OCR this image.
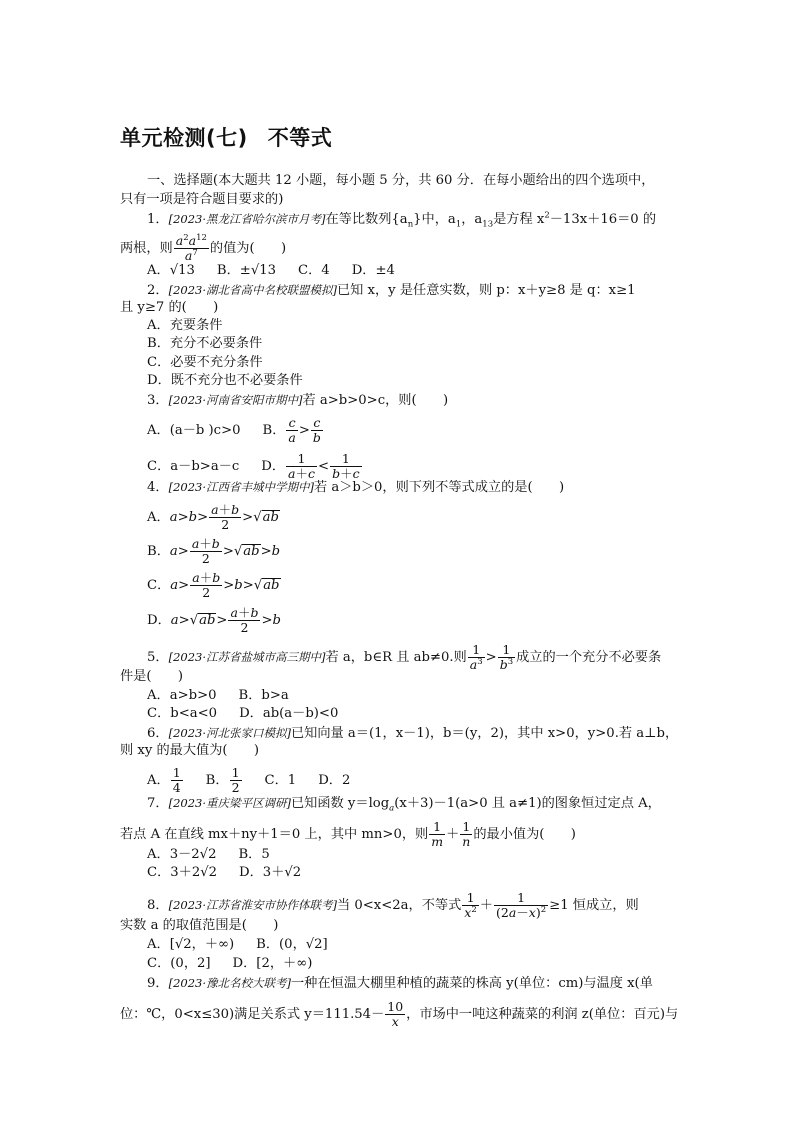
单元检测(七) 不等式
一、选择题(本大题共 12 小题，每小题 5 分，共 60 分．在每小题给出的四个选项中，
只有一项是符合题目要求的)
1．[2023·黑龙江省哈尔滨市月考]在等比数列$\{a_n\}$中，$a_1$，$a_{13}$是方程 $x^2-13x+16=0$ 的
两根，则 $\frac{a^2a^{12}}{a^7}$ 的值为(　　)
A．√13 B．±√13 C．4 D．±4
2．[2023·湖北省高中名校联盟模拟]已知 x，y 是任意实数，则 p：x＋y≥8 是 q：x≥1
且 y≥7 的(　　)
A．充要条件
B．充分不必要条件
C．必要不充分条件
D．既不充分也不必要条件
3．[2023·河南省安阳市期中]若 a>b>0>c，则(　　)
A．(a－b )c>0 B． $\frac{c}{a} > \frac{c}{b}$
C．a－b>a－c D． $\frac{1}{a+c} < \frac{1}{b+c}$
4．[2023·江西省丰城中学期中]若 a＞b＞0，则下列不等式成立的是(　　)
A．$a>b> \frac{a+b}{2} >√ab$
B．$a> \frac{a+b}{2} >√ab>b$
C．$a> \frac{a+b}{2} >b>√ab$
D．$a>√ab> \frac{a+b}{2} >b$
5．[2023·江苏省盐城市高三期中]若 a，b∈R 且 ab≠0.则 $\frac{1}{a^3} > \frac{1}{b^3}$ 成立的一个充分不必要条
件是(　　)
A．a>b>0 B．b>a
C．b<a<0 D．ab(a－b)<0
6．[2023·河北张家口模拟]已知向量 a＝(1，x－1)，b＝(y，2)，其中 x>0，y>0.若 a⊥b，
则 xy 的最大值为(　　)
A． $\frac{1}{4}$ B． $\frac{1}{2}$ C．1 D．2
7．[2023·重庆梁平区调研]已知函数 $y=\log_a(x+3)-1(a>0$ 且 a≠1)的图象恒过定点 A，
若点 A 在直线 mx＋ny＋1＝0 上，其中 mn>0，则 $\frac{1}{m} + \frac{1}{n}$ 的最小值为(　　)
A．3－2√2 B．5
C．3＋2√2 D．3＋√2
8．[2023·江苏省淮安市协作体联考]当 0<x<2a，不等式 $\frac{1}{x^2} + \frac{1}{(2a-x)^2} \ge 1$ 恒成立，则
实数 a 的取值范围是(　　)
A．[√2，＋∞) B．(0，√2]
C．(0，2] D．[2，＋∞)
9．[2023·豫北名校大联考]一种在恒温大棚里种植的蔬菜的株高 y(单位：cm)与温度 x(单
位：℃，0<x≤30)满足关系式 $y=111.54- \frac{10}{x}$ ，市场中一吨这种蔬菜的利润 z(单位：百元)与
